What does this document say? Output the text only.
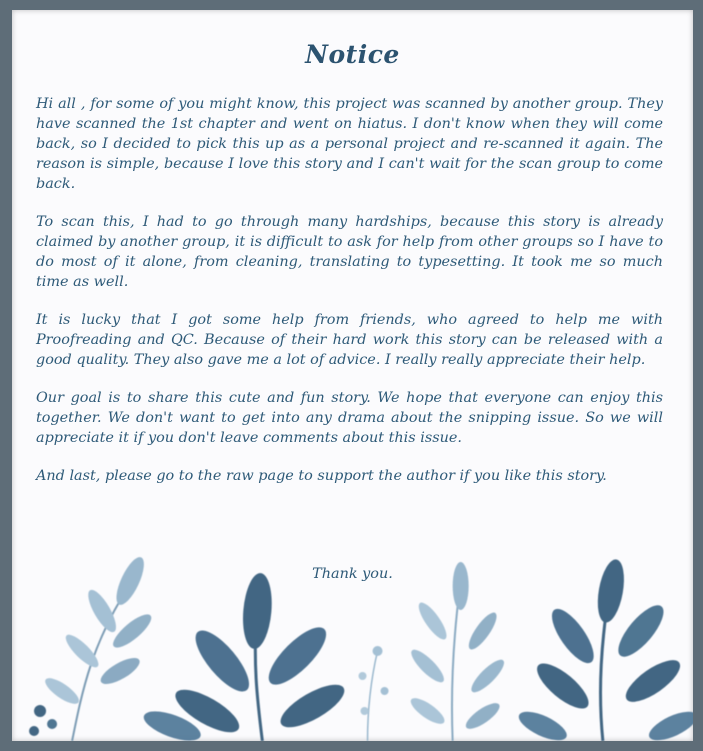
Notice

Hi all , for some of you might know, this project was scanned by another group. They have scanned the 1st chapter and went on hiatus. I don't know when they will come back, so I decided to pick this up as a personal project and re-scanned it again. The reason is simple, because I love this story and I can't wait for the scan group to come back.

To scan this, I had to go through many hardships, because this story is already claimed by another group, it is difficult to ask for help from other groups so I have to do most of it alone, from cleaning, translating to typesetting. It took me so much time as well.

It is lucky that I got some help from friends, who agreed to help me with Proofreading and QC. Because of their hard work this story can be released with a good quality. They also gave me a lot of advice. I really really appreciate their help.

Our goal is to share this cute and fun story. We hope that everyone can enjoy this together. We don't want to get into any drama about the snipping issue. So we will appreciate it if you don't leave comments about this issue.

And last, please go to the raw page to support the author if you like this story.

Thank you.
